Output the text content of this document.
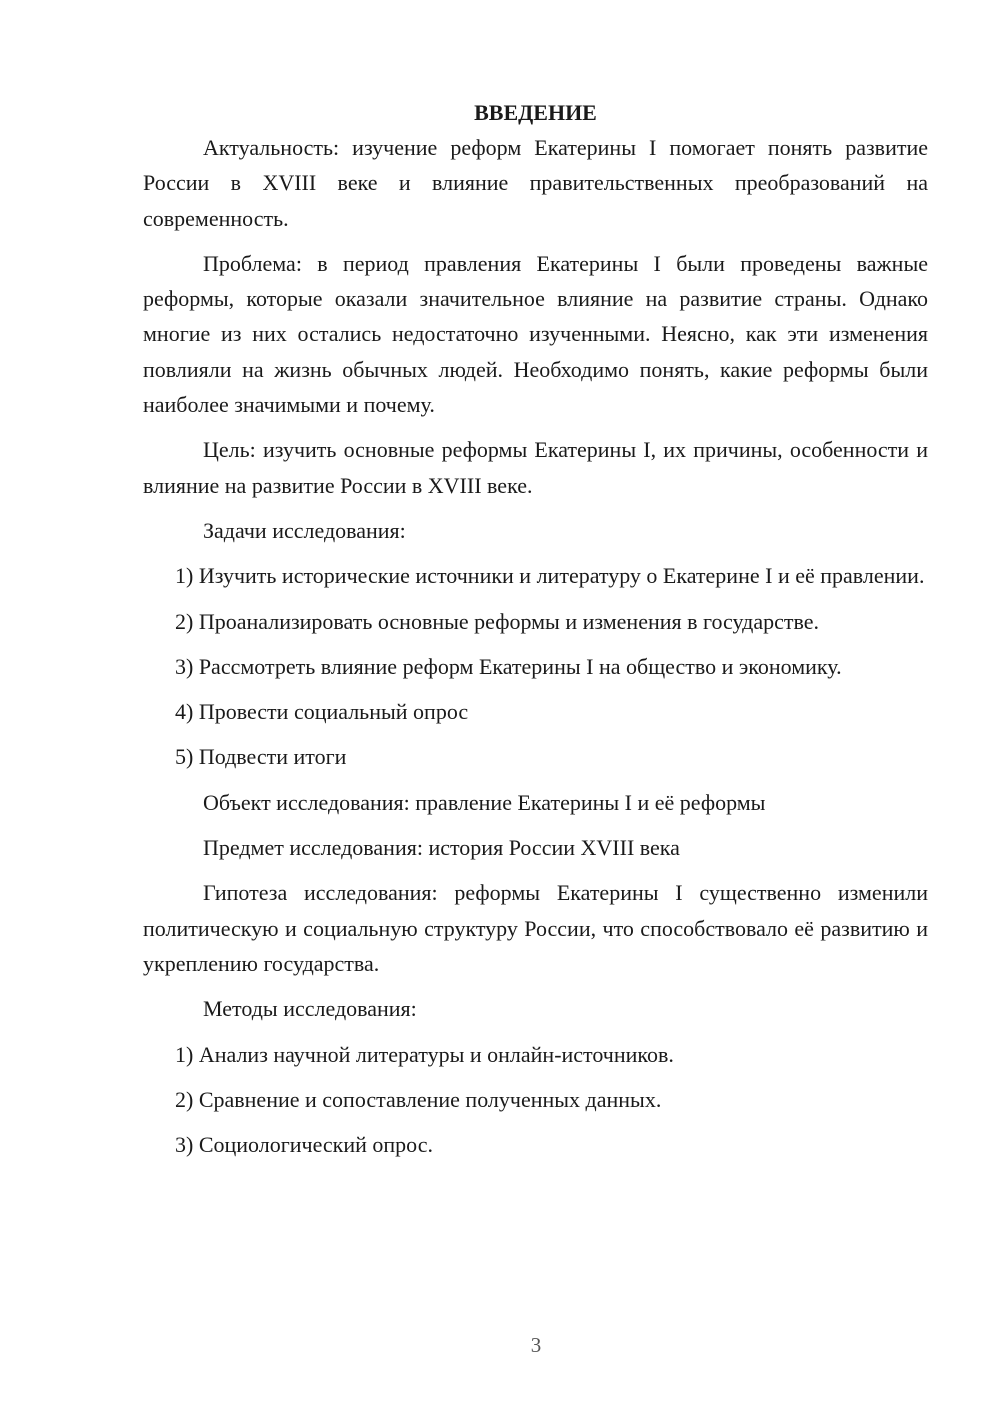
ВВЕДЕНИЕ

Актуальность: изучение реформ Екатерины I помогает понять развитие России в XVIII веке и влияние правительственных преобразований на современность.

Проблема: в период правления Екатерины I были проведены важные реформы, которые оказали значительное влияние на развитие страны. Однако многие из них остались недостаточно изученными. Неясно, как эти изменения повлияли на жизнь обычных людей. Необходимо понять, какие реформы были наиболее значимыми и почему.

Цель: изучить основные реформы Екатерины I, их причины, особенности и влияние на развитие России в XVIII веке.

Задачи исследования:

1) Изучить исторические источники и литературу о Екатерине I и её правлении.

2) Проанализировать основные реформы и изменения в государстве.

3) Рассмотреть влияние реформ Екатерины I на общество и экономику.

4) Провести социальный опрос

5) Подвести итоги

Объект исследования: правление Екатерины I и её реформы

Предмет исследования: история России XVIII века

Гипотеза исследования: реформы Екатерины I существенно изменили политическую и социальную структуру России, что способствовало её развитию и укреплению государства.

Методы исследования:

1) Анализ научной литературы и онлайн-источников.

2) Сравнение и сопоставление полученных данных.

3) Социологический опрос.

3
